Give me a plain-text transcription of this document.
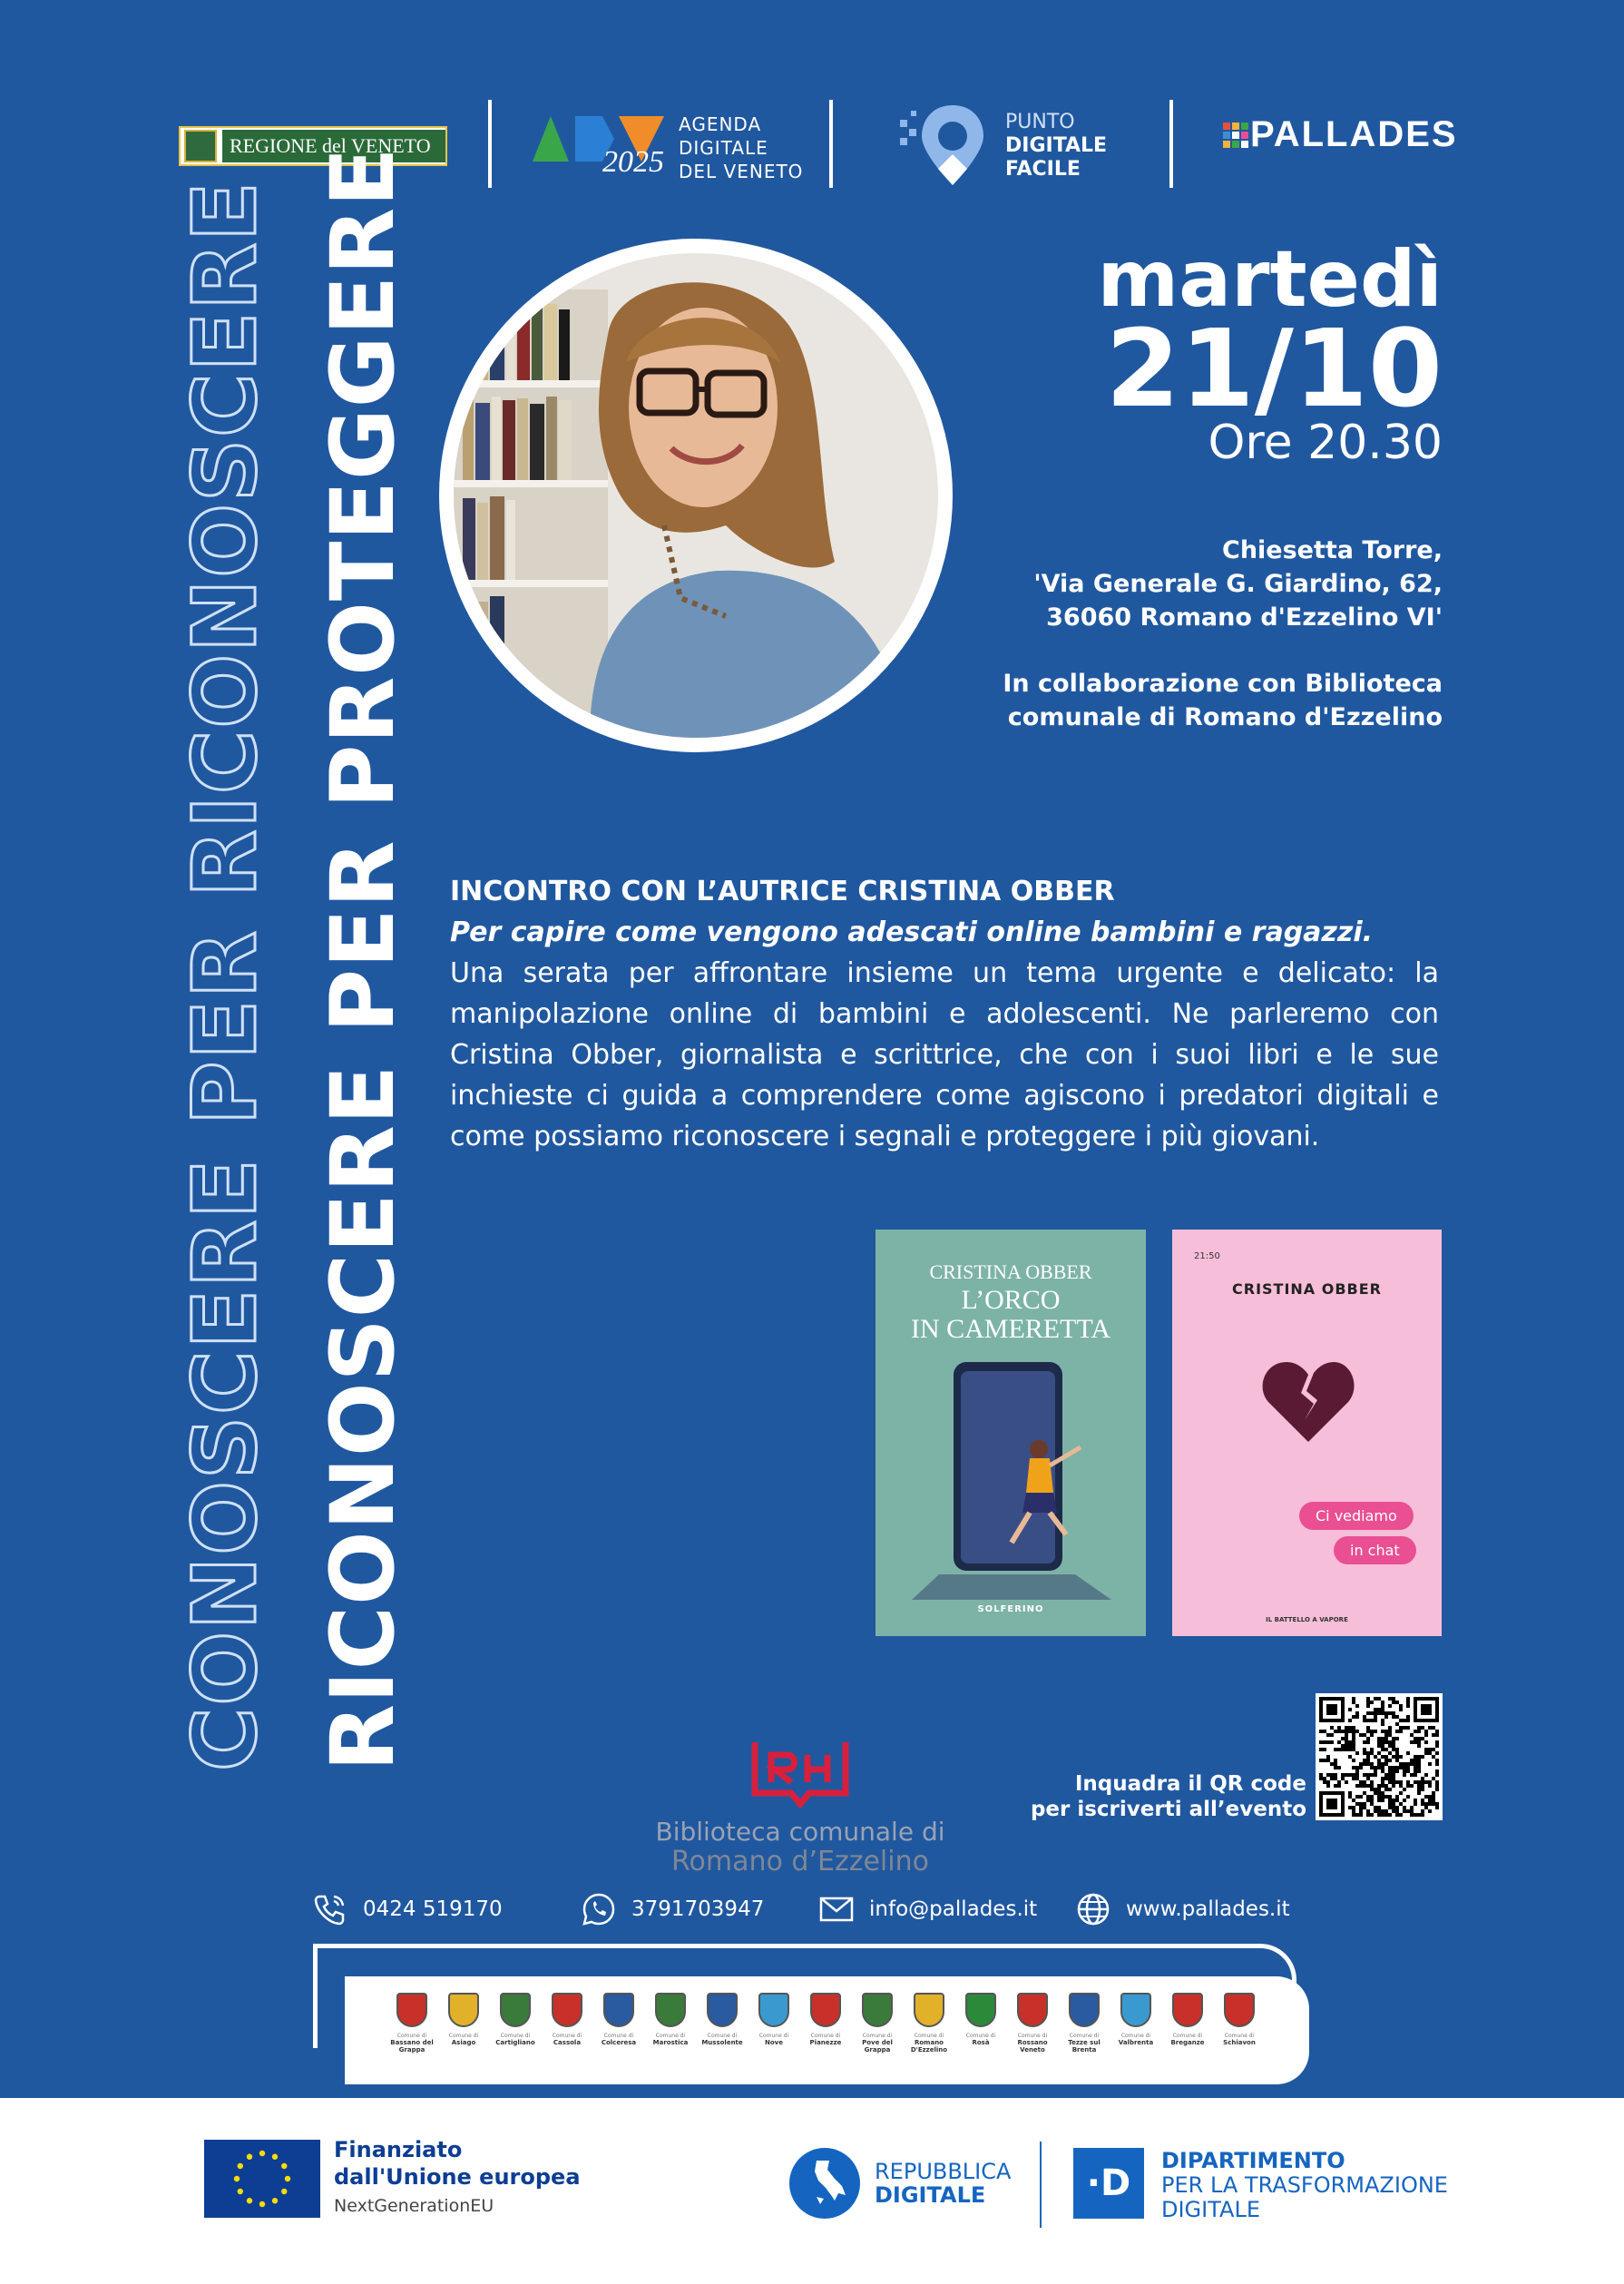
REGIONE del VENETO	2025
AGENDA
DIGITALE
DEL VENETO
PUNTO
DIGITALE
FACILE
PALLADES
CONOSCERE PER RICONOSCERE RICONOSCERE PER PROTEGGERE	martedì
21/10
Ore 20.30
Chiesetta Torre,
'Via Generale G. Giardino, 62,
36060 Romano d'Ezzelino VI'
In collaborazione con Biblioteca
comunale di Romano d'Ezzelino
INCONTRO CON L’AUTRICE CRISTINA OBBER
Per capire come vengono adescati online bambini e ragazzi.
Una serata per affrontare insieme un tema urgente e delicato: la manipolazione online di bambini e adolescenti. Ne parleremo con Cristina Obber, giornalista e scrittrice, che con i suoi libri e le sue inchieste ci guida a comprendere come agiscono i predatori digitali e come possiamo riconoscere i segnali e proteggere i più giovani.
CRISTINA OBBER
L’ORCO
IN CAMERETTA
SOLFERINO
21:50
CRISTINA OBBER
Ci vediamo
in chat
IL BATTELLO A VAPORE
Inquadra il QR code
per iscriverti all’evento
Biblioteca comunale di
Romano d’Ezzelino
0424 519170	3791703947	info@pallades.it	www.pallades.it
Comune di
Bassano del Grappa
Comune di
Asiago
Comune di
Cartigliano
Comune di
Cassola
Comune di
Colceresa
Comune di
Marostica
Comune di
Mussolente
Comune di
Nove
Comune di
Pianezze
Comune di
Pove del Grappa
Comune di
Romano D'Ezzelino
Comune di
Rosà
Comune di
Rossano Veneto
Comune di
Tezze sul Brenta
Comune di
Valbrenta
Comune di
Breganze
Comune di
Schiavon
Finanziato
dall'Unione europea
NextGenerationEU
REPUBBLICA
DIGITALE	·D
DIPARTIMENTO
PER LA TRASFORMAZIONE
DIGITALE
